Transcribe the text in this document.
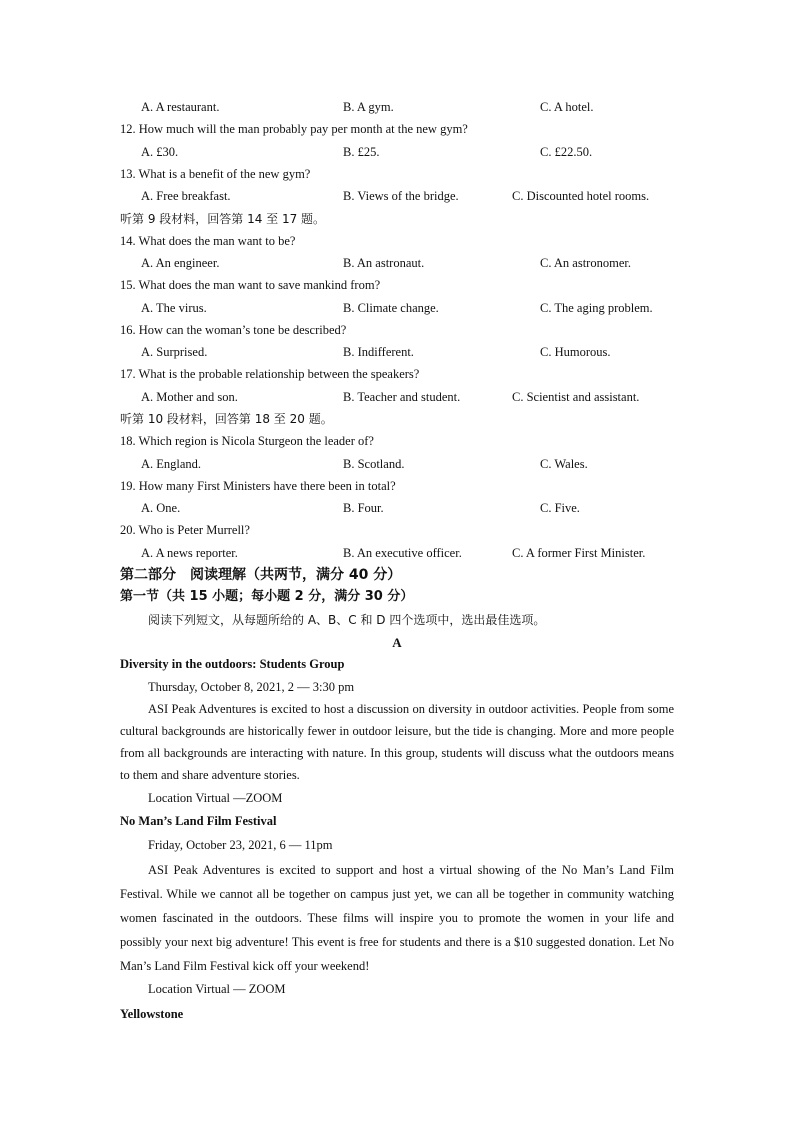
A. A restaurant.	B. A gym.	C. A hotel.
12. How much will the man probably pay per month at the new gym?
A. £30.	B. £25.	C. £22.50.
13. What is a benefit of the new gym?
A. Free breakfast.	B. Views of the bridge.	C. Discounted hotel rooms.
听第 9 段材料，回答第 14 至 17 题。
14. What does the man want to be?
A. An engineer.	B. An astronaut.	C. An astronomer.
15. What does the man want to save mankind from?
A. The virus.	B. Climate change.	C. The aging problem.
16. How can the woman’s tone be described?
A. Surprised.	B. Indifferent.	C. Humorous.
17. What is the probable relationship between the speakers?
A. Mother and son.	B. Teacher and student.	C. Scientist and assistant.
听第 10 段材料，回答第 18 至 20 题。
18. Which region is Nicola Sturgeon the leader of?
A. England.	B. Scotland.	C. Wales.
19. How many First Ministers have there been in total?
A. One.	B. Four.	C. Five.
20. Who is Peter Murrell?
A. A news reporter.	B. An executive officer.	C. A former First Minister.
第二部分　阅读理解（共两节，满分 40 分）
第一节（共 15 小题；每小题 2 分，满分 30 分）
阅读下列短文，从每题所给的 A、B、C 和 D 四个选项中，选出最佳选项。
A
Diversity in the outdoors: Students Group
Thursday, October 8, 2021, 2 — 3:30 pm
ASI Peak Adventures is excited to host a discussion on diversity in outdoor activities. People from some cultural backgrounds are historically fewer in outdoor leisure, but the tide is changing. More and more people from all backgrounds are interacting with nature. In this group, students will discuss what the outdoors means to them and share adventure stories.
Location Virtual —ZOOM
No Man’s Land Film Festival
Friday, October 23, 2021, 6 — 11pm
ASI Peak Adventures is excited to support and host a virtual showing of the No Man’s Land Film Festival. While we cannot all be together on campus just yet, we can all be together in community watching women fascinated in the outdoors. These films will inspire you to promote the women in your life and possibly your next big adventure! This event is free for students and there is a $10 suggested donation. Let No Man’s Land Film Festival kick off your weekend!
Location Virtual — ZOOM
Yellowstone
